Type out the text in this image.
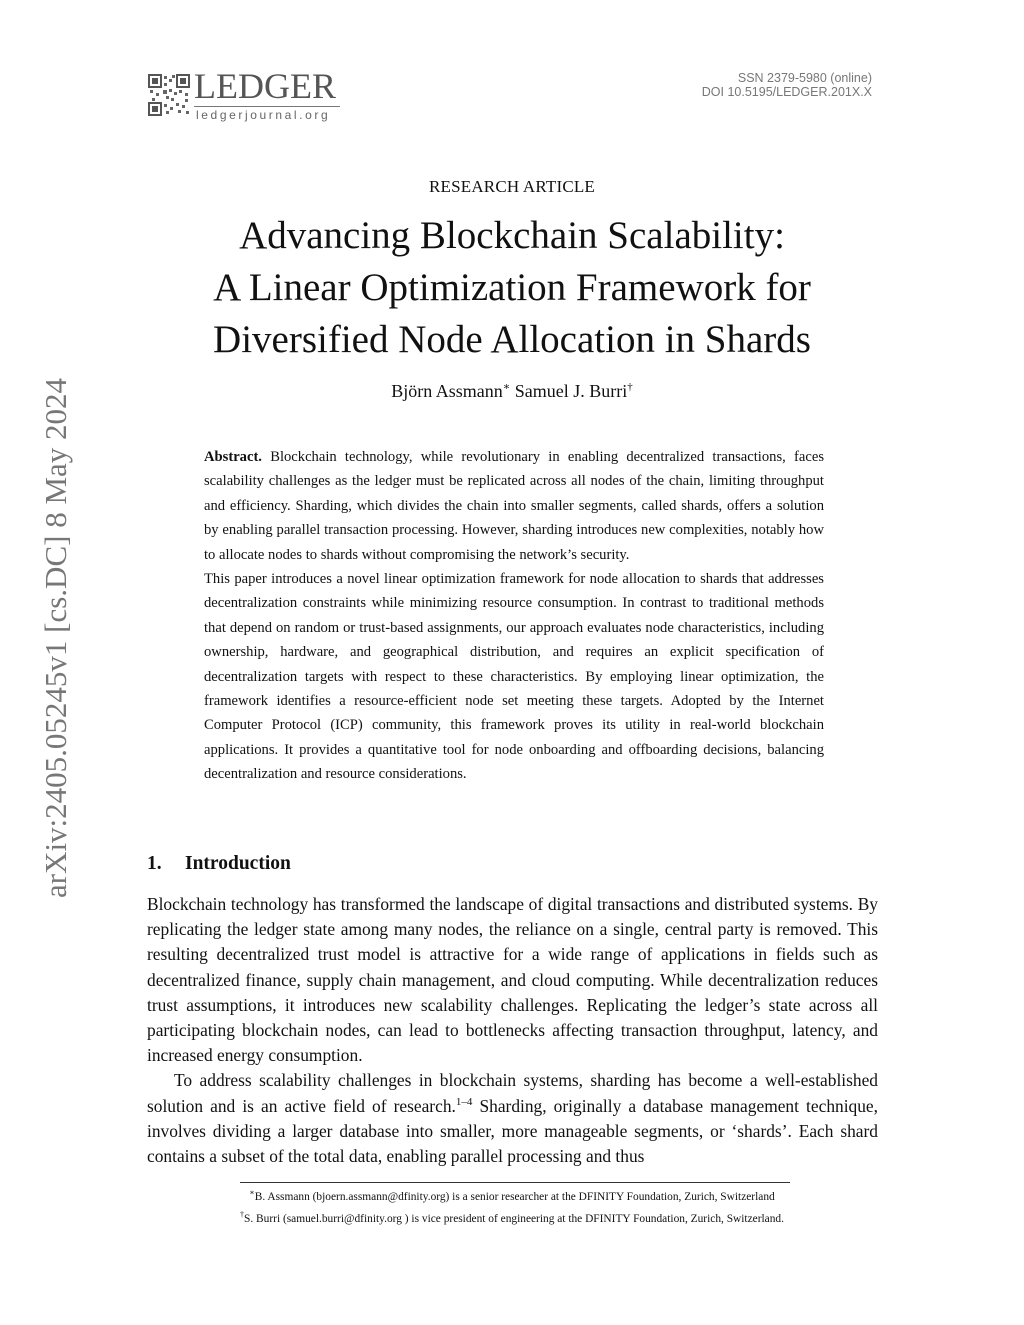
LEDGER
ledgerjournal.org
SSN 2379-5980 (online)
DOI 10.5195/LEDGER.201X.X
arXiv:2405.05245v1 [cs.DC] 8 May 2024
RESEARCH ARTICLE
Advancing Blockchain Scalability:
A Linear Optimization Framework for
Diversified Node Allocation in Shards
Björn Assmann∗ Samuel J. Burri†

Abstract. Blockchain technology, while revolutionary in enabling decentralized transactions, faces scalability challenges as the ledger must be replicated across all nodes of the chain, limiting throughput and efficiency. Sharding, which divides the chain into smaller segments, called shards, offers a solution by enabling parallel transaction processing. However, sharding introduces new complexities, notably how to allocate nodes to shards without compromising the network’s security.

This paper introduces a novel linear optimization framework for node allocation to shards that addresses decentralization constraints while minimizing resource consumption. In contrast to traditional methods that depend on random or trust-based assignments, our approach evaluates node characteristics, including ownership, hardware, and geographical distribution, and requires an explicit specification of decentralization targets with respect to these characteristics. By employing linear optimization, the framework identifies a resource-efficient node set meeting these targets. Adopted by the Internet Computer Protocol (ICP) community, this framework proves its utility in real-world blockchain applications. It provides a quantitative tool for node onboarding and offboarding decisions, balancing decentralization and resource considerations.

1. Introduction

Blockchain technology has transformed the landscape of digital transactions and distributed systems. By replicating the ledger state among many nodes, the reliance on a single, central party is removed. This resulting decentralized trust model is attractive for a wide range of applications in fields such as decentralized finance, supply chain management, and cloud computing. While decentralization reduces trust assumptions, it introduces new scalability challenges. Replicating the ledger’s state across all participating blockchain nodes, can lead to bottlenecks affecting transaction throughput, latency, and increased energy consumption.

To address scalability challenges in blockchain systems, sharding has become a well-established solution and is an active field of research.$^{1-4}$ Sharding, originally a database management technique, involves dividing a larger database into smaller, more manageable segments, or ‘shards’. Each shard contains a subset of the total data, enabling parallel processing and thus

∗B. Assmann (bjoern.assmann@dfinity.org) is a senior researcher at the DFINITY Foundation, Zurich, Switzerland
†S. Burri (samuel.burri@dfinity.org ) is vice president of engineering at the DFINITY Foundation, Zurich, Switzerland.
